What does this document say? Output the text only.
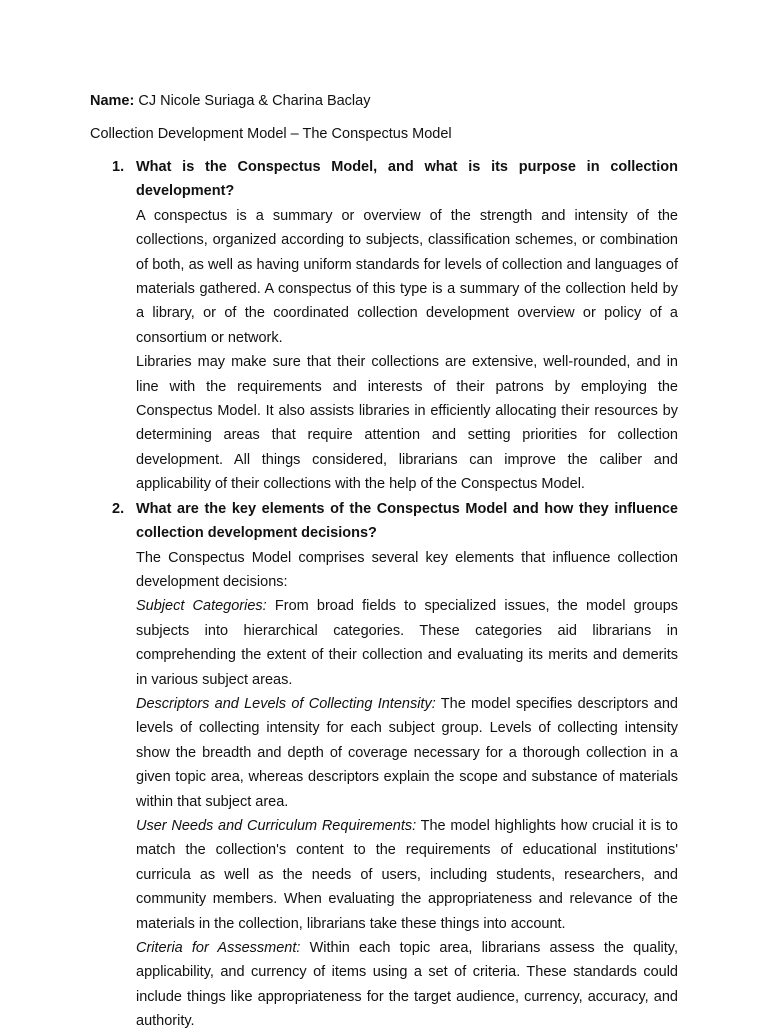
Name: CJ Nicole Suriaga & Charina Baclay

Collection Development Model – The Conspectus Model

1. What is the Conspectus Model, and what is its purpose in collection development?

A conspectus is a summary or overview of the strength and intensity of the collections, organized according to subjects, classification schemes, or combination of both, as well as having uniform standards for levels of collection and languages of materials gathered. A conspectus of this type is a summary of the collection held by a library, or of the coordinated collection development overview or policy of a consortium or network.

Libraries may make sure that their collections are extensive, well-rounded, and in line with the requirements and interests of their patrons by employing the Conspectus Model. It also assists libraries in efficiently allocating their resources by determining areas that require attention and setting priorities for collection development. All things considered, librarians can improve the caliber and applicability of their collections with the help of the Conspectus Model.

2. What are the key elements of the Conspectus Model and how they influence collection development decisions?

The Conspectus Model comprises several key elements that influence collection development decisions:

Subject Categories: From broad fields to specialized issues, the model groups subjects into hierarchical categories. These categories aid librarians in comprehending the extent of their collection and evaluating its merits and demerits in various subject areas.

Descriptors and Levels of Collecting Intensity: The model specifies descriptors and levels of collecting intensity for each subject group. Levels of collecting intensity show the breadth and depth of coverage necessary for a thorough collection in a given topic area, whereas descriptors explain the scope and substance of materials within that subject area.

User Needs and Curriculum Requirements: The model highlights how crucial it is to match the collection's content to the requirements of educational institutions' curricula as well as the needs of users, including students, researchers, and community members. When evaluating the appropriateness and relevance of the materials in the collection, librarians take these things into account.

Criteria for Assessment: Within each topic area, librarians assess the quality, applicability, and currency of items using a set of criteria. These standards could include things like appropriateness for the target audience, currency, accuracy, and authority.
